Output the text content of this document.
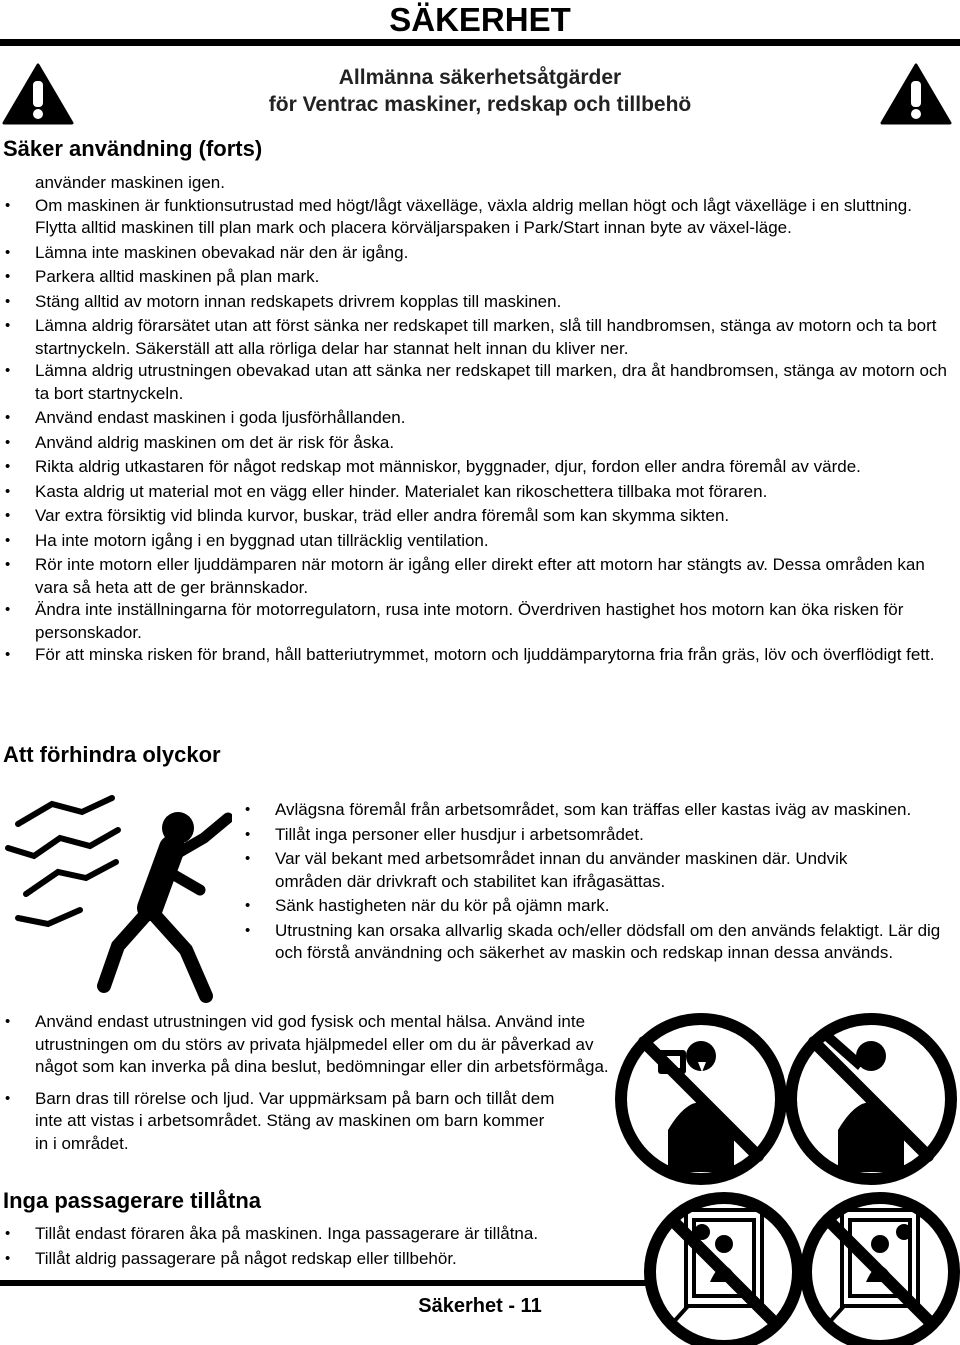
SÄKERHET
Allmänna säkerhetsåtgärder
för Ventrac maskiner, redskap och tillbehö
Säker användning (forts)
använder maskinen igen.
• Om maskinen är funktionsutrustad med högt/lågt växelläge, växla aldrig mellan högt och lågt växelläge i en sluttning. Flytta alltid maskinen till plan mark och placera körväljarspaken i Park/Start innan byte av växel-läge.
• Lämna inte maskinen obevakad när den är igång.
• Parkera alltid maskinen på plan mark.
• Stäng alltid av motorn innan redskapets drivrem kopplas till maskinen.
• Lämna aldrig förarsätet utan att först sänka ner redskapet till marken, slå till handbromsen, stänga av motorn och ta bort startnyckeln. Säkerställ att alla rörliga delar har stannat helt innan du kliver ner.
• Lämna aldrig utrustningen obevakad utan att sänka ner redskapet till marken, dra åt handbromsen, stänga av motorn och ta bort startnyckeln.
• Använd endast maskinen i goda ljusförhållanden.
• Använd aldrig maskinen om det är risk för åska.
• Rikta aldrig utkastaren för något redskap mot människor, byggnader, djur, fordon eller andra föremål av värde.
• Kasta aldrig ut material mot en vägg eller hinder. Materialet kan rikoschettera tillbaka mot föraren.
• Var extra försiktig vid blinda kurvor, buskar, träd eller andra föremål som kan skymma sikten.
• Ha inte motorn igång i en byggnad utan tillräcklig ventilation.
• Rör inte motorn eller ljuddämparen när motorn är igång eller direkt efter att motorn har stängts av. Dessa områden kan vara så heta att de ger brännskador.
• Ändra inte inställningarna för motorregulatorn, rusa inte motorn. Överdriven hastighet hos motorn kan öka risken för personskador.
• För att minska risken för brand, håll batteriutrymmet, motorn och ljuddämparytorna fria från gräs, löv och överflödigt fett.
Att förhindra olyckor
• Avlägsna föremål från arbetsområdet, som kan träffas eller kastas iväg av maskinen.
• Tillåt inga personer eller husdjur i arbetsområdet.
• Var väl bekant med arbetsområdet innan du använder maskinen där. Undvik områden där drivkraft och stabilitet kan ifrågasättas.
• Sänk hastigheten när du kör på ojämn mark.
• Utrustning kan orsaka allvarlig skada och/eller dödsfall om den används felaktigt. Lär dig och förstå användning och säkerhet av maskin och redskap innan dessa används.
• Använd endast utrustningen vid god fysisk och mental hälsa. Använd inte utrustningen om du störs av privata hjälpmedel eller om du är påverkad av något som kan inverka på dina beslut, bedömningar eller din arbetsförmåga.
• Barn dras till rörelse och ljud. Var uppmärksam på barn och tillåt dem inte att vistas i arbetsområdet. Stäng av maskinen om barn kommer in i området.
Inga passagerare tillåtna
• Tillåt endast föraren åka på maskinen. Inga passagerare är tillåtna.
• Tillåt aldrig passagerare på något redskap eller tillbehör.
Säkerhet - 11
